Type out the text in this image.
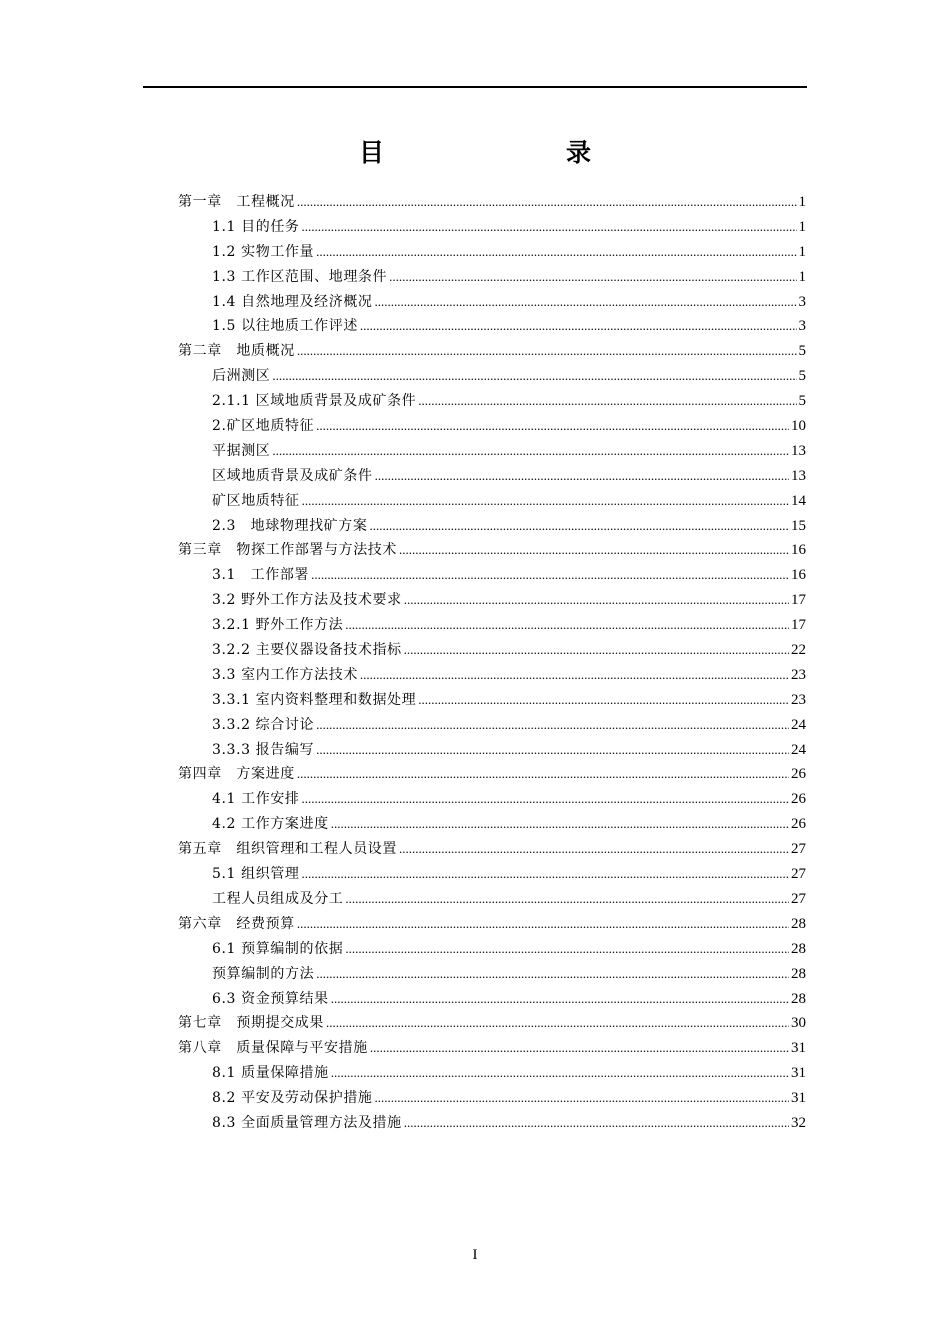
目　　录
第一章　工程概况 .....	1
1.1 目的任务 .....	1
1.2 实物工作量 .....	1
1.3 工作区范围、地理条件 .....	1
1.4 自然地理及经济概况 .....	3
1.5 以往地质工作评述 .....	3
第二章　地质概况 .....	5
后洲测区 .....	5
2.1.1 区域地质背景及成矿条件 .....	5
2.矿区地质特征 .....	10
平据测区 .....	13
区域地质背景及成矿条件 .....	13
矿区地质特征 .....	14
2.3　地球物理找矿方案 .....	15
第三章　物探工作部署与方法技术 .....	16
3.1　工作部署 .....	16
3.2 野外工作方法及技术要求 .....	17
3.2.1 野外工作方法 .....	17
3.2.2 主要仪器设备技术指标 .....	22
3.3 室内工作方法技术 .....	23
3.3.1 室内资料整理和数据处理 .....	23
3.3.2 综合讨论 .....	24
3.3.3 报告编写 .....	24
第四章　方案进度 .....	26
4.1 工作安排 .....	26
4.2 工作方案进度 .....	26
第五章　组织管理和工程人员设置 .....	27
5.1 组织管理 .....	27
工程人员组成及分工 .....	27
第六章　经费预算 .....	28
6.1 预算编制的依据 .....	28
预算编制的方法 .....	28
6.3 资金预算结果 .....	28
第七章　预期提交成果 .....	30
第八章　质量保障与平安措施 .....	31
8.1 质量保障措施 .....	31
8.2 平安及劳动保护措施 .....	31
8.3 全面质量管理方法及措施 .....	32
I
